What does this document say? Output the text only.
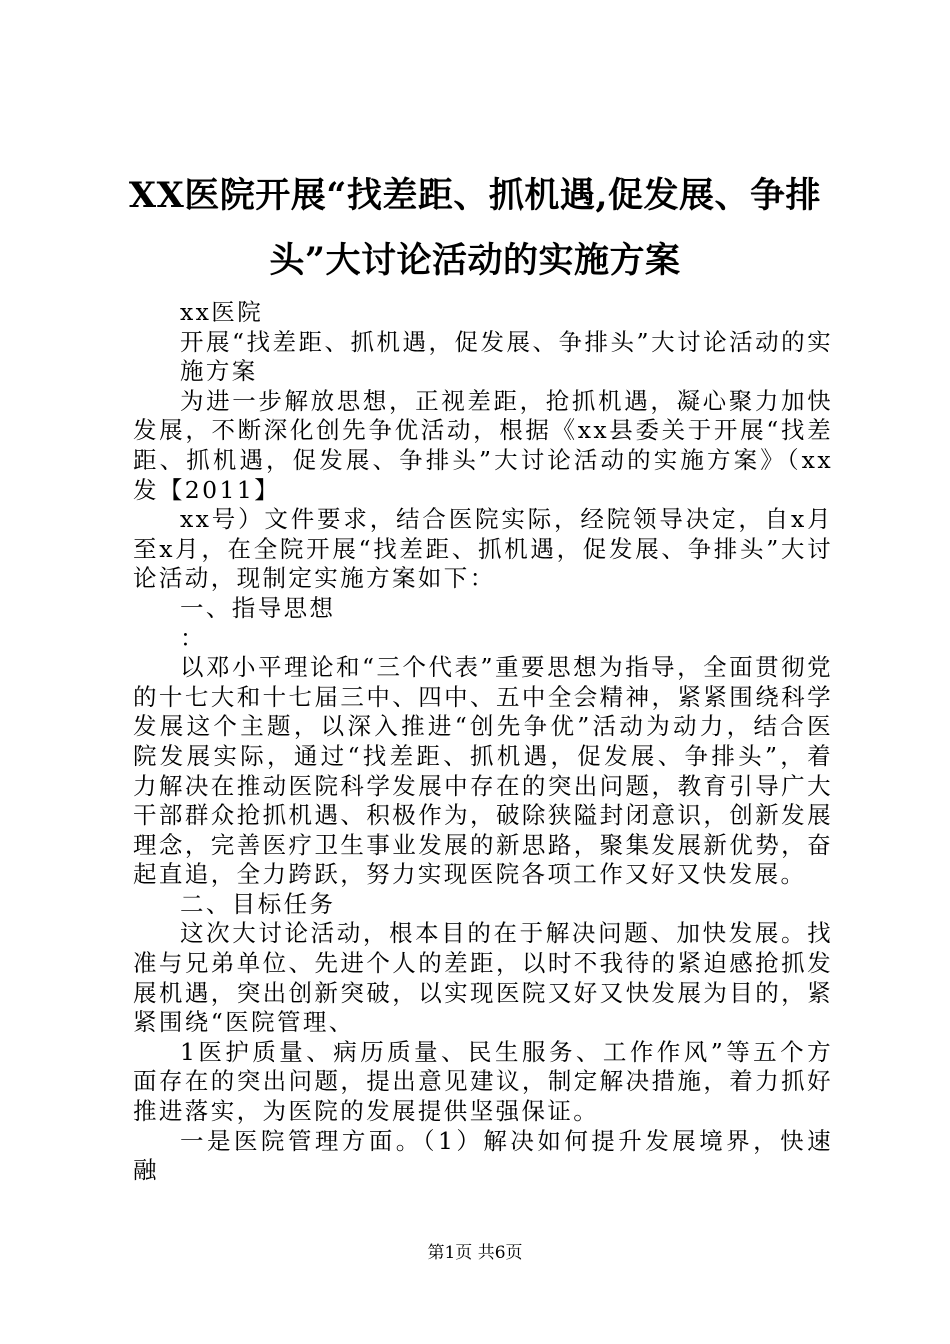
XX医院开展“找差距、抓机遇,促发展、争排头”大讨论活动的实施方案

xx医院

开展“找差距、抓机遇，促发展、争排头”大讨论活动的实施方案

为进一步解放思想，正视差距，抢抓机遇，凝心聚力加快发展，不断深化创先争优活动，根据《xx县委关于开展“找差距、抓机遇，促发展、争排头”大讨论活动的实施方案》（xx发【2011】

xx号）文件要求，结合医院实际，经院领导决定，自x月至x月，在全院开展“找差距、抓机遇，促发展、争排头”大讨论活动，现制定实施方案如下：

一、指导思想

：

以邓小平理论和“三个代表”重要思想为指导，全面贯彻党的十七大和十七届三中、四中、五中全会精神，紧紧围绕科学发展这个主题，以深入推进“创先争优”活动为动力，结合医院发展实际，通过“找差距、抓机遇，促发展、争排头”，着力解决在推动医院科学发展中存在的突出问题，教育引导广大干部群众抢抓机遇、积极作为，破除狭隘封闭意识，创新发展理念，完善医疗卫生事业发展的新思路，聚集发展新优势，奋起直追，全力跨跃，努力实现医院各项工作又好又快发展。

二、目标任务

这次大讨论活动，根本目的在于解决问题、加快发展。找准与兄弟单位、先进个人的差距，以时不我待的紧迫感抢抓发展机遇，突出创新突破，以实现医院又好又快发展为目的，紧紧围绕“医院管理、

1医护质量、病历质量、民生服务、工作作风”等五个方面存在的突出问题，提出意见建议，制定解决措施，着力抓好推进落实，为医院的发展提供坚强保证。

一是医院管理方面。（1）解决如何提升发展境界，快速融

第1页 共6页
